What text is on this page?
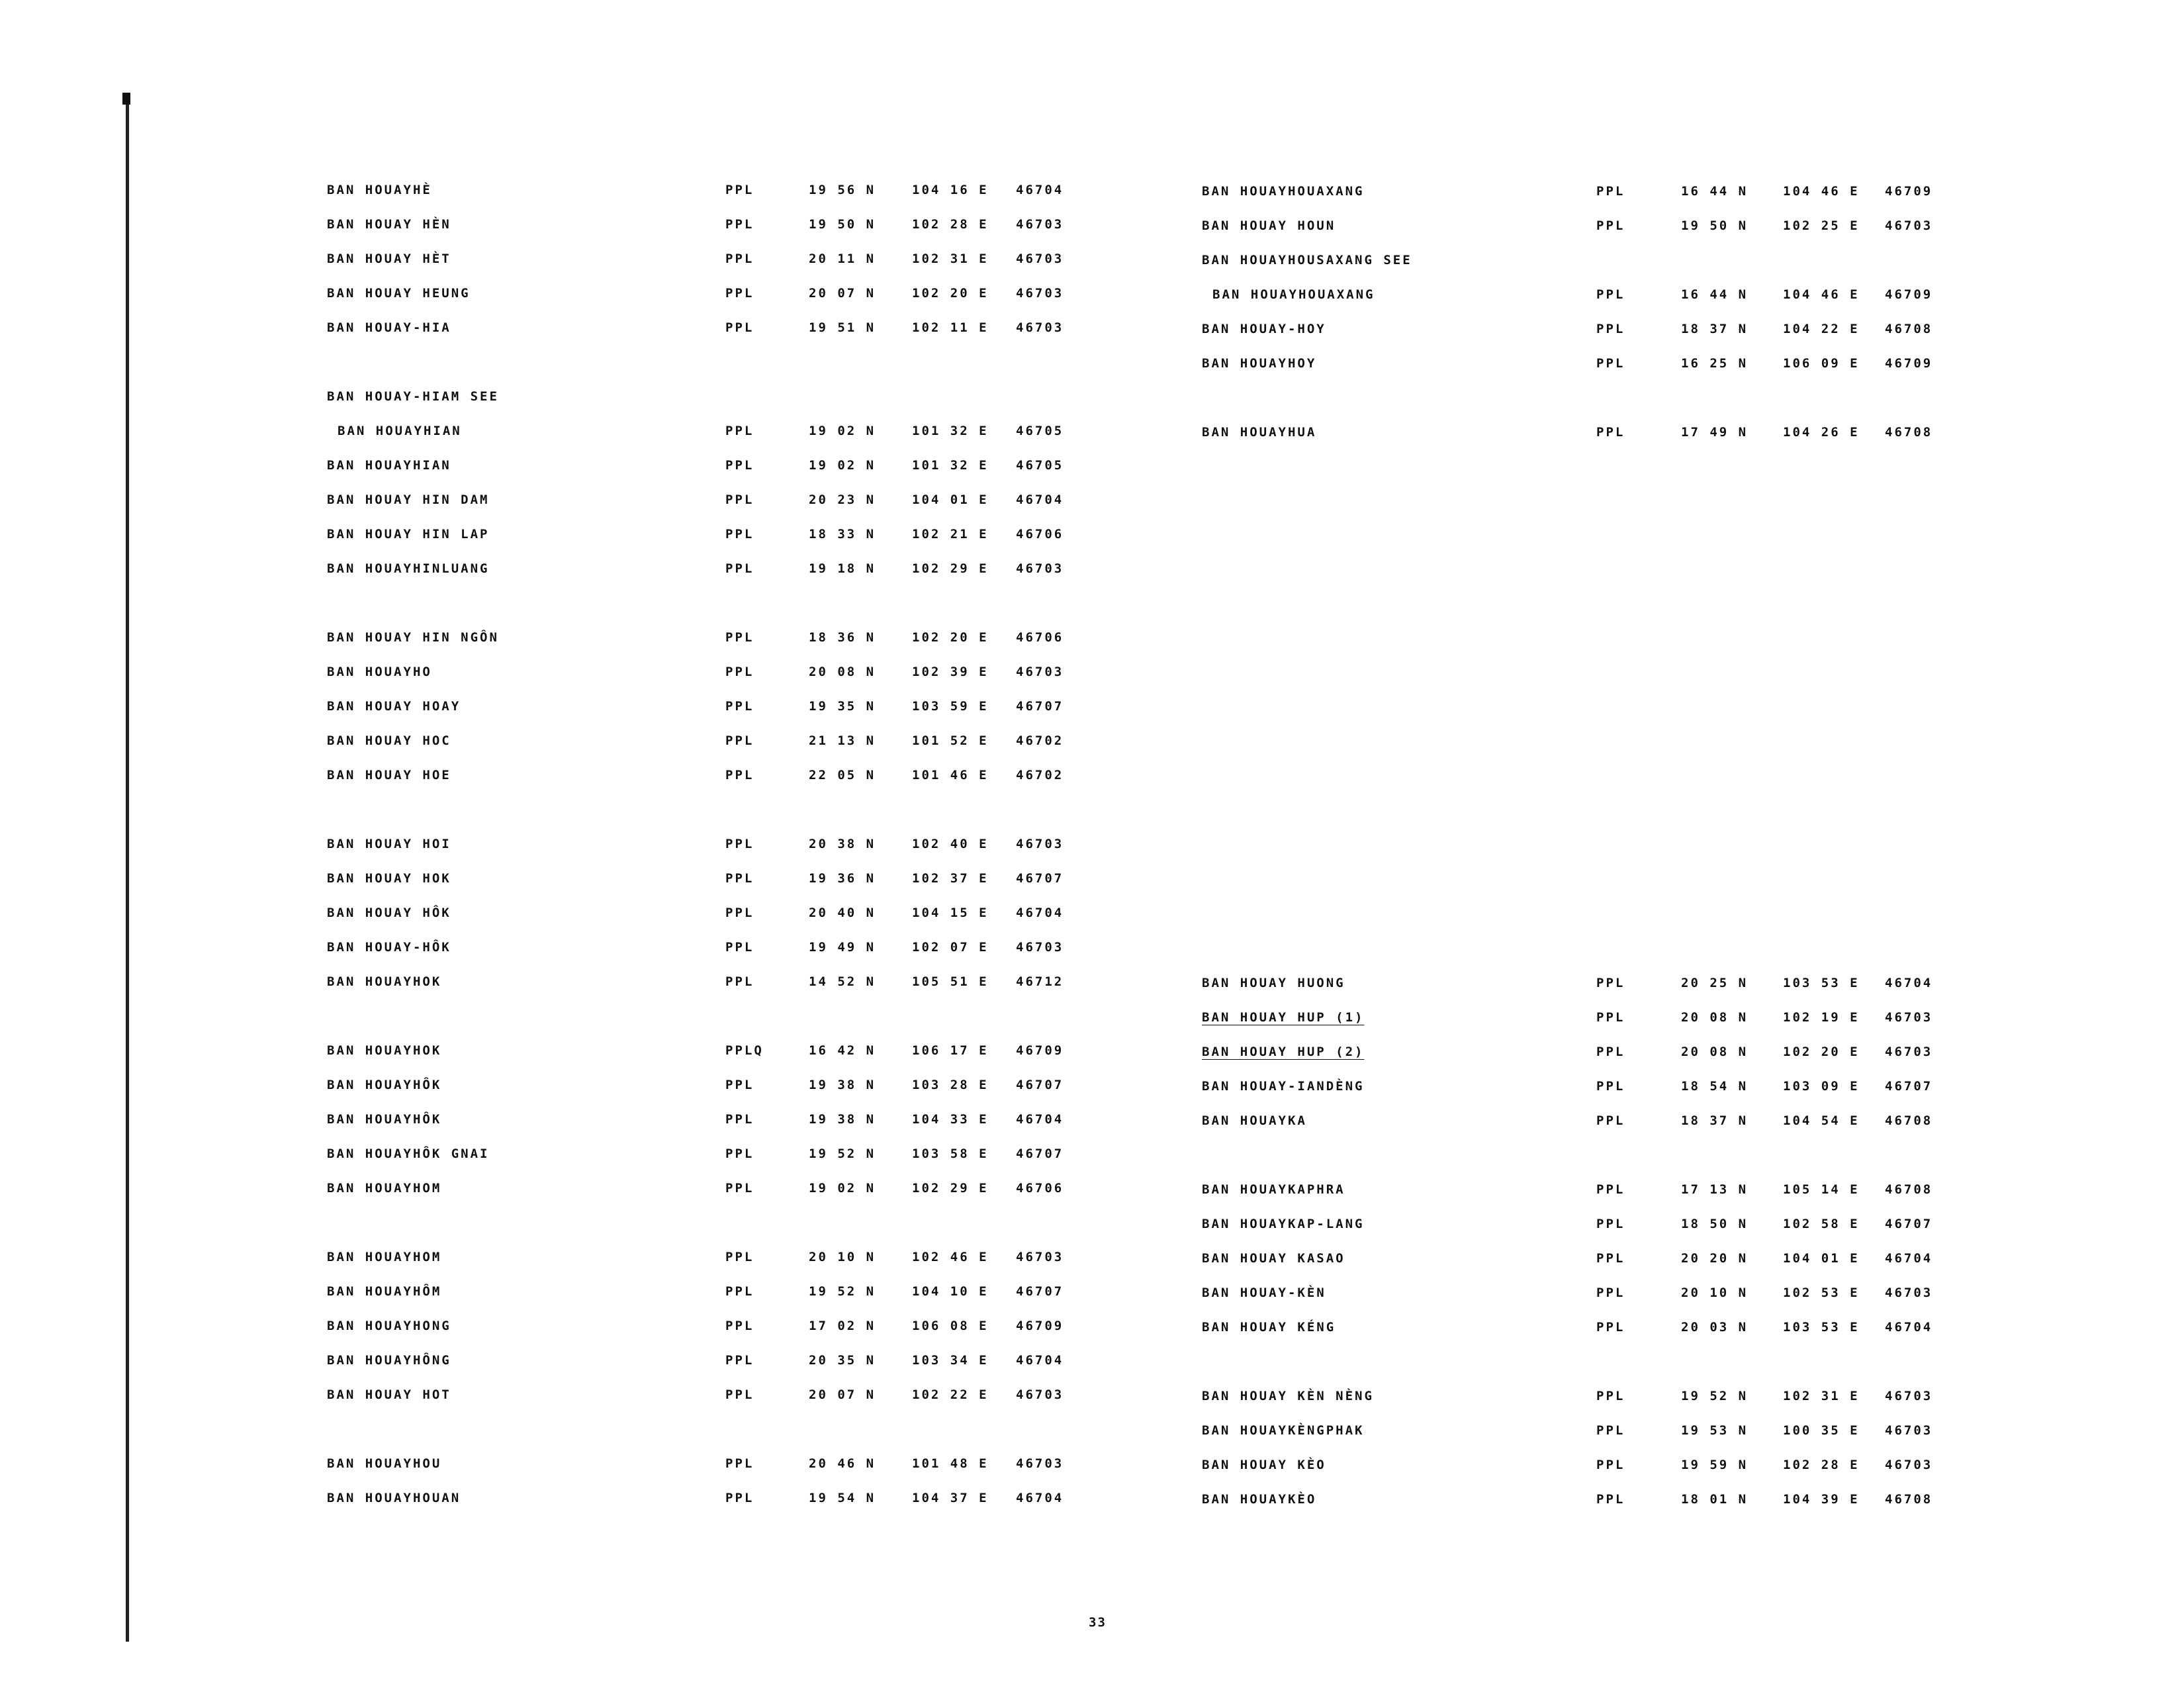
BAN HOUAYHÈ	PPL	19 56 N	104 16 E 46704
BAN HOUAY HÈN	PPL	19 50 N	102 28 E 46703
BAN HOUAY HÈT	PPL	20 11 N	102 31 E 46703
BAN HOUAY HEUNG	PPL	20 07 N	102 20 E 46703
BAN HOUAY-HIA	PPL	19 51 N	102 11 E 46703
BAN HOUAY-HIAM SEE
BAN HOUAYHIAN	PPL	19 02 N	101 32 E 46705
BAN HOUAYHIAN	PPL	19 02 N	101 32 E 46705
BAN HOUAY HIN DAM	PPL	20 23 N	104 01 E 46704
BAN HOUAY HIN LAP	PPL	18 33 N	102 21 E 46706
BAN HOUAYHINLUANG	PPL	19 18 N	102 29 E 46703
BAN HOUAY HIN NGÔN	PPL	18 36 N	102 20 E 46706
BAN HOUAYHO	PPL	20 08 N	102 39 E 46703
BAN HOUAY HOAY	PPL	19 35 N	103 59 E 46707
BAN HOUAY HOC	PPL	21 13 N	101 52 E 46702
BAN HOUAY HOE	PPL	22 05 N	101 46 E 46702
BAN HOUAY HOI	PPL	20 38 N	102 40 E 46703
BAN HOUAY HOK	PPL	19 36 N	102 37 E 46707
BAN HOUAY HÔK	PPL	20 40 N	104 15 E 46704
BAN HOUAY-HÔK	PPL	19 49 N	102 07 E 46703
BAN HOUAYHOK	PPL	14 52 N	105 51 E 46712
BAN HOUAYHOK	PPLQ	16 42 N	106 17 E 46709
BAN HOUAYHÔK	PPL	19 38 N	103 28 E 46707
BAN HOUAYHÔK	PPL	19 38 N	104 33 E 46704
BAN HOUAYHÔK GNAI	PPL	19 52 N	103 58 E 46707
BAN HOUAYHOM	PPL	19 02 N	102 29 E 46706
BAN HOUAYHOM	PPL	20 10 N	102 46 E 46703
BAN HOUAYHÔM	PPL	19 52 N	104 10 E 46707
BAN HOUAYHONG	PPL	17 02 N	106 08 E 46709
BAN HOUAYHÔNG	PPL	20 35 N	103 34 E 46704
BAN HOUAY HOT	PPL	20 07 N	102 22 E 46703
BAN HOUAYHOU	PPL	20 46 N	101 48 E 46703
BAN HOUAYHOUAN	PPL	19 54 N	104 37 E 46704
BAN HOUAYHOUAXANG	PPL	16 44 N	104 46 E 46709
BAN HOUAY HOUN	PPL	19 50 N	102 25 E 46703
BAN HOUAYHOUSAXANG SEE
BAN HOUAYHOUAXANG	PPL	16 44 N	104 46 E 46709
BAN HOUAY-HOY	PPL	18 37 N	104 22 E 46708
BAN HOUAYHOY	PPL	16 25 N	106 09 E 46709
BAN HOUAYHUA	PPL	17 49 N	104 26 E 46708
BAN HOUAY HUONG	PPL	20 25 N	103 53 E 46704
BAN HOUAY HUP (1)	PPL	20 08 N	102 19 E 46703
BAN HOUAY HUP (2)	PPL	20 08 N	102 20 E 46703
BAN HOUAY-IANDÈNG	PPL	18 54 N	103 09 E 46707
BAN HOUAYKA	PPL	18 37 N	104 54 E 46708
BAN HOUAYKAPHRA	PPL	17 13 N	105 14 E 46708
BAN HOUAYKAP-LANG	PPL	18 50 N	102 58 E 46707
BAN HOUAY KASAO	PPL	20 20 N	104 01 E 46704
BAN HOUAY-KÈN	PPL	20 10 N	102 53 E 46703
BAN HOUAY KÉNG	PPL	20 03 N	103 53 E 46704
BAN HOUAY KÈN NÈNG	PPL	19 52 N	102 31 E 46703
BAN HOUAYKÈNGPHAK	PPL	19 53 N	100 35 E 46703
BAN HOUAY KÈO	PPL	19 59 N	102 28 E 46703
BAN HOUAYKÈO	PPL	18 01 N	104 39 E 46708
33
